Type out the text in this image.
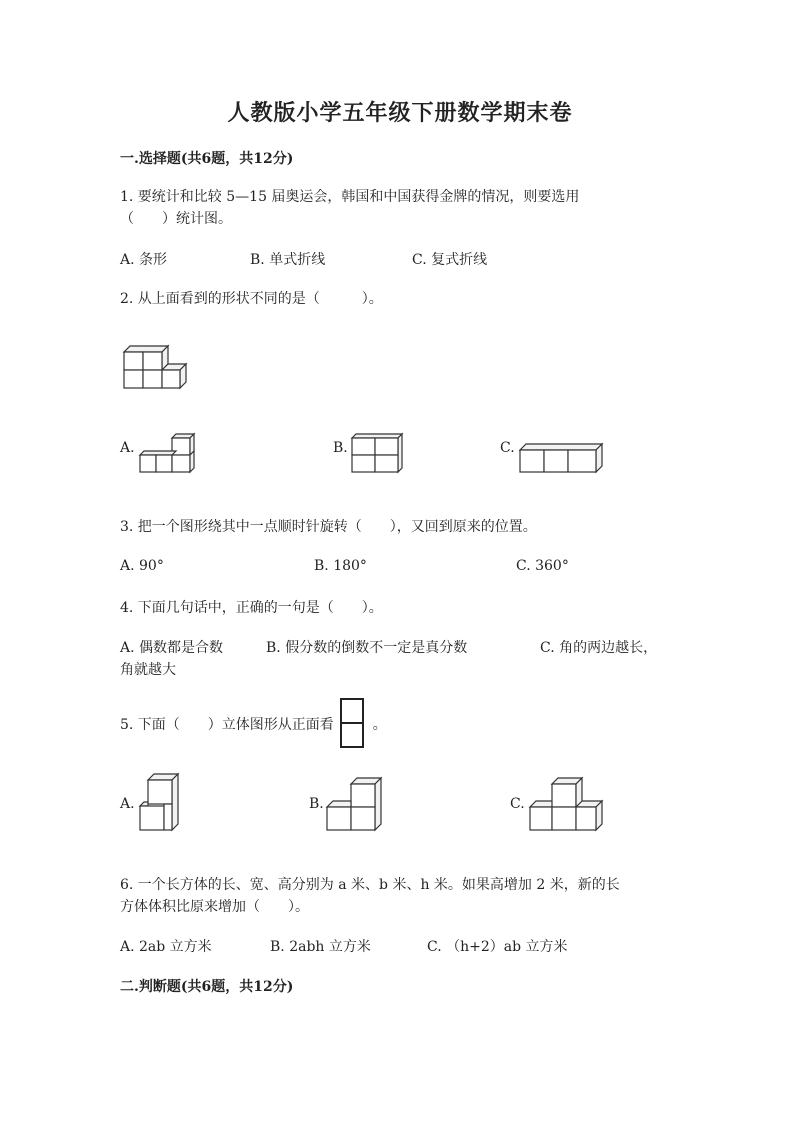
人教版小学五年级下册数学期末卷
一.选择题(共6题，共12分)
1. 要统计和比较 5—15 届奥运会，韩国和中国获得金牌的情况，则要选用
（　　）统计图。
A. 条形	B. 单式折线	C. 复式折线
2. 从上面看到的形状不同的是（　　　）。
A.	B.	C.
3. 把一个图形绕其中一点顺时针旋转（　　），又回到原来的位置。
A. 90°	B. 180°	C. 360°
4. 下面几句话中，正确的一句是（　　）。
A. 偶数都是合数	B. 假分数的倒数不一定是真分数	C. 角的两边越长，
角就越大
5. 下面（　　）立体图形从正面看	。
A.	B.	C.
6. 一个长方体的长、宽、高分别为 a 米、b 米、h 米。如果高增加 2 米，新的长
方体体积比原来增加（　　）。
A. 2ab 立方米	B. 2abh 立方米	C. （h+2）ab 立方米
二.判断题(共6题，共12分)
